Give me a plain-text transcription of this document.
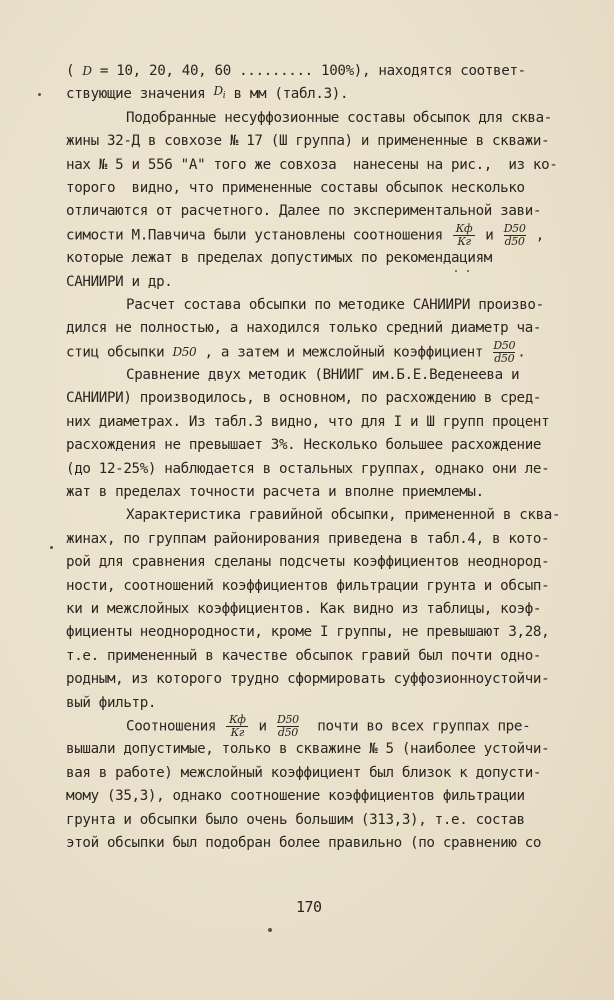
( D = 10, 20, 40, 60 ......... 100%), находятся соответ-
ствующие значения $D_i$ в мм (табл.3).
Подобранные несуффозионные составы обсыпок для сква-
жины 32-Д в совхозе № 17 (Ш группа) и примененные в скважи-
нах № 5 и 556 "А" того же совхоза  нанесены на рис.,  из ко-
торого  видно, что примененные составы обсыпок несколько
отличаются от расчетного. Далее по экспериментальной зави-
симости М.Павчича были установлены соотношения $\frac{Кф}{Кг}$ и $\frac{D50}{d50}$ ,
которые лежат в пределах допустимых по рекомендациям
САНИИРИ и др.
Расчет состава обсыпки по методике САНИИРИ произво-
дился не полностью, а находился только средний диаметр ча-
стиц обсыпки D50 , а затем и межслойный коэффициент $\frac{D50}{d50}$ .
Сравнение двух методик (ВНИИГ им.Б.Е.Веденеева и
САНИИРИ) производилось, в основном, по расхождению в сред-
них диаметрах. Из табл.3 видно, что для I и Ш групп процент
расхождения не превышает 3%. Несколько большее расхождение
(до 12-25%) наблюдается в остальных группах, однако они ле-
жат в пределах точности расчета и вполне приемлемы.
Характеристика гравийной обсыпки, примененной в сква-
жинах, по группам районирования приведена в табл.4, в кото-
рой для сравнения сделаны подсчеты коэффициентов неоднород-
ности, соотношений коэффициентов фильтрации грунта и обсып-
ки и межслойных коэффициентов. Как видно из таблицы, коэф-
фициенты неоднородности, кроме I группы, не превышают 3,28,
т.е. примененный в качестве обсыпок гравий был почти одно-
родным, из которого трудно сформировать суффозионноустойчи-
вый фильтр.
Соотношения $\frac{Кф}{Кг}$ и $\frac{D50}{d50}$ почти во всех группах пре-
вышали допустимые, только в скважине № 5 (наиболее устойчи-
вая в работе) межслойный коэффициент был близок к допусти-
мому (35,3), однако соотношение коэффициентов фильтрации
грунта и обсыпки было очень большим (313,3), т.е. состав
этой обсыпки был подобран более правильно (по сравнению со
170
